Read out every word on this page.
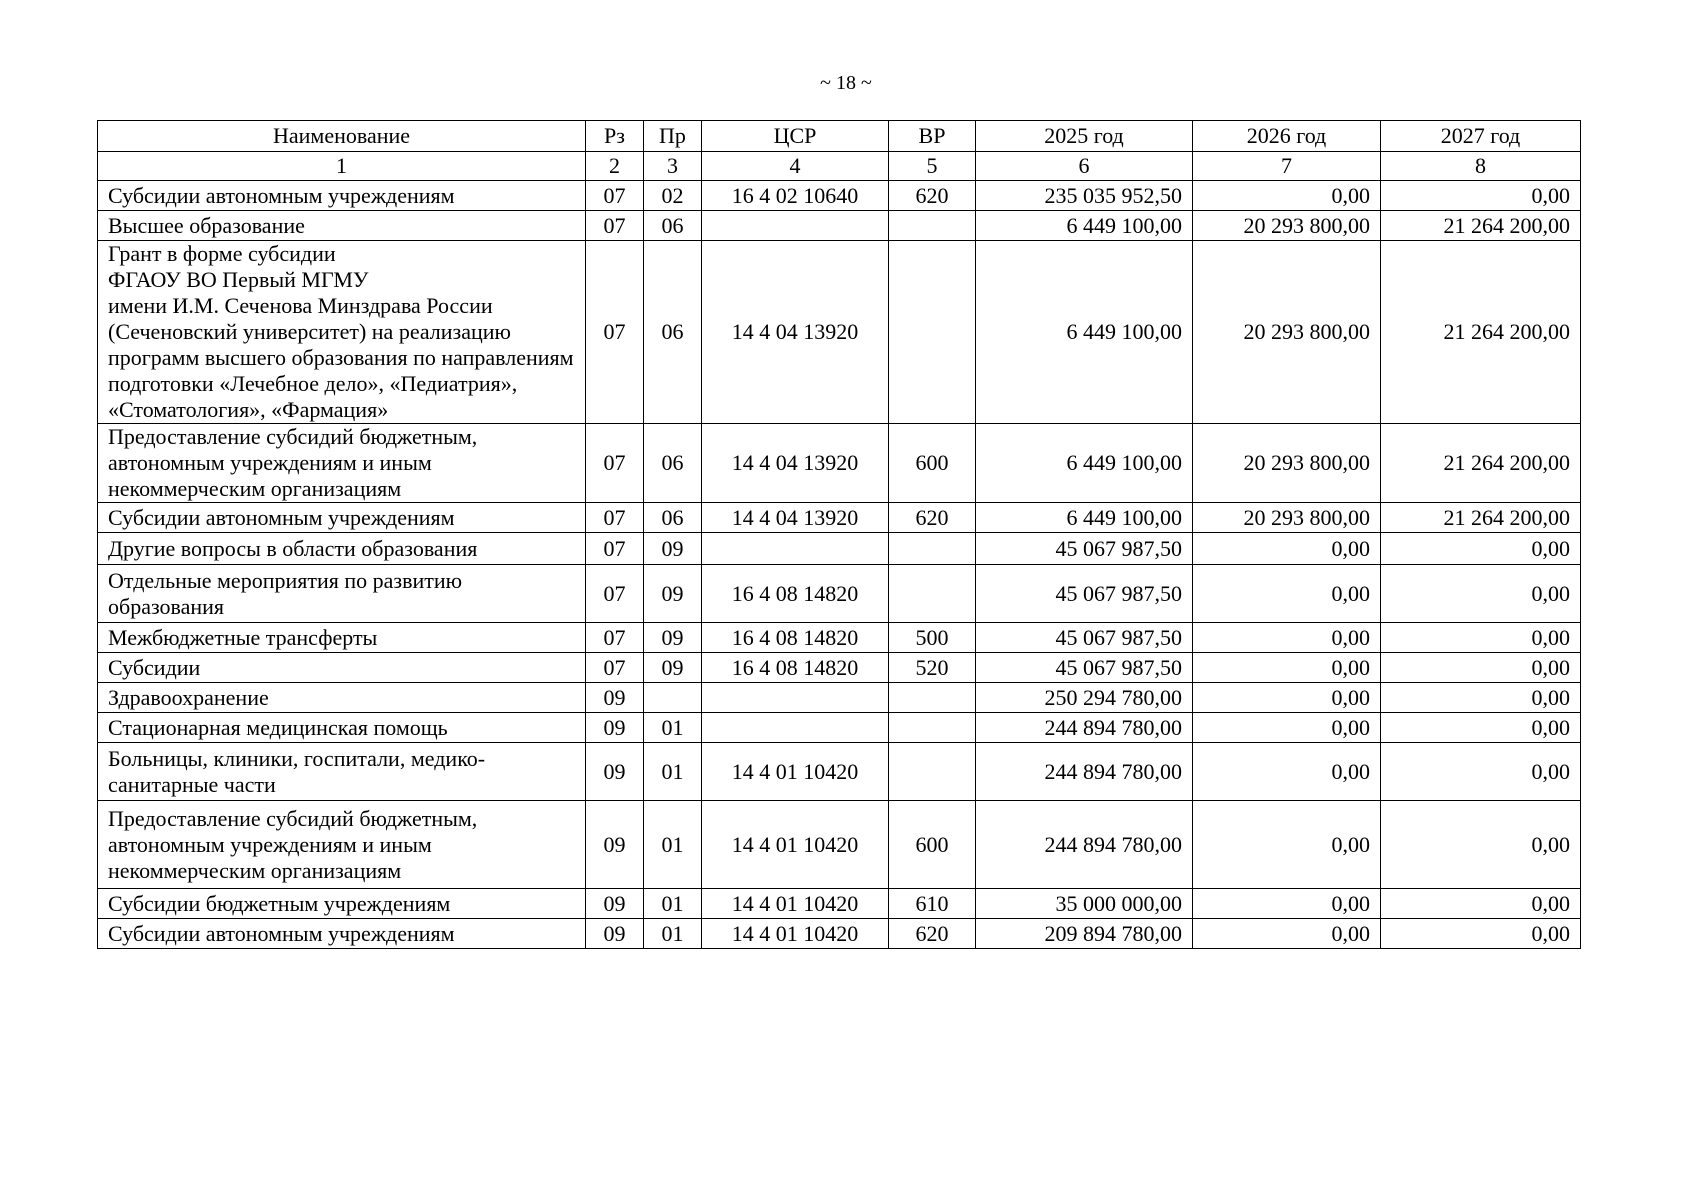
~ 18 ~
Наименование	Рз	Пр	ЦСР	ВР	2025 год	2026 год	2027 год
1	2	3	4	5	6	7	8
Субсидии автономным учреждениям	07	02	16 4 02 10640	620	235 035 952,50	0,00	0,00
Высшее образование	07	06			6 449 100,00	20 293 800,00	21 264 200,00
Грант в форме субсидии
ФГАОУ ВО Первый МГМУ
имени И.М. Сеченова Минздрава России (Сеченовский университет) на реализацию программ высшего образования по направлениям подготовки «Лечебное дело», «Педиатрия», «Стоматология», «Фармация»	07	06	14 4 04 13920		6 449 100,00	20 293 800,00	21 264 200,00
Предоставление субсидий бюджетным, автономным учреждениям и иным некоммерческим организациям	07	06	14 4 04 13920	600	6 449 100,00	20 293 800,00	21 264 200,00
Субсидии автономным учреждениям	07	06	14 4 04 13920	620	6 449 100,00	20 293 800,00	21 264 200,00
Другие вопросы в области образования	07	09			45 067 987,50	0,00	0,00
Отдельные мероприятия по развитию образования	07	09	16 4 08 14820		45 067 987,50	0,00	0,00
Межбюджетные трансферты	07	09	16 4 08 14820	500	45 067 987,50	0,00	0,00
Субсидии	07	09	16 4 08 14820	520	45 067 987,50	0,00	0,00
Здравоохранение	09				250 294 780,00	0,00	0,00
Стационарная медицинская помощь	09	01			244 894 780,00	0,00	0,00
Больницы, клиники, госпитали, медико-санитарные части	09	01	14 4 01 10420		244 894 780,00	0,00	0,00
Предоставление субсидий бюджетным, автономным учреждениям и иным некоммерческим организациям	09	01	14 4 01 10420	600	244 894 780,00	0,00	0,00
Субсидии бюджетным учреждениям	09	01	14 4 01 10420	610	35 000 000,00	0,00	0,00
Субсидии автономным учреждениям	09	01	14 4 01 10420	620	209 894 780,00	0,00	0,00
